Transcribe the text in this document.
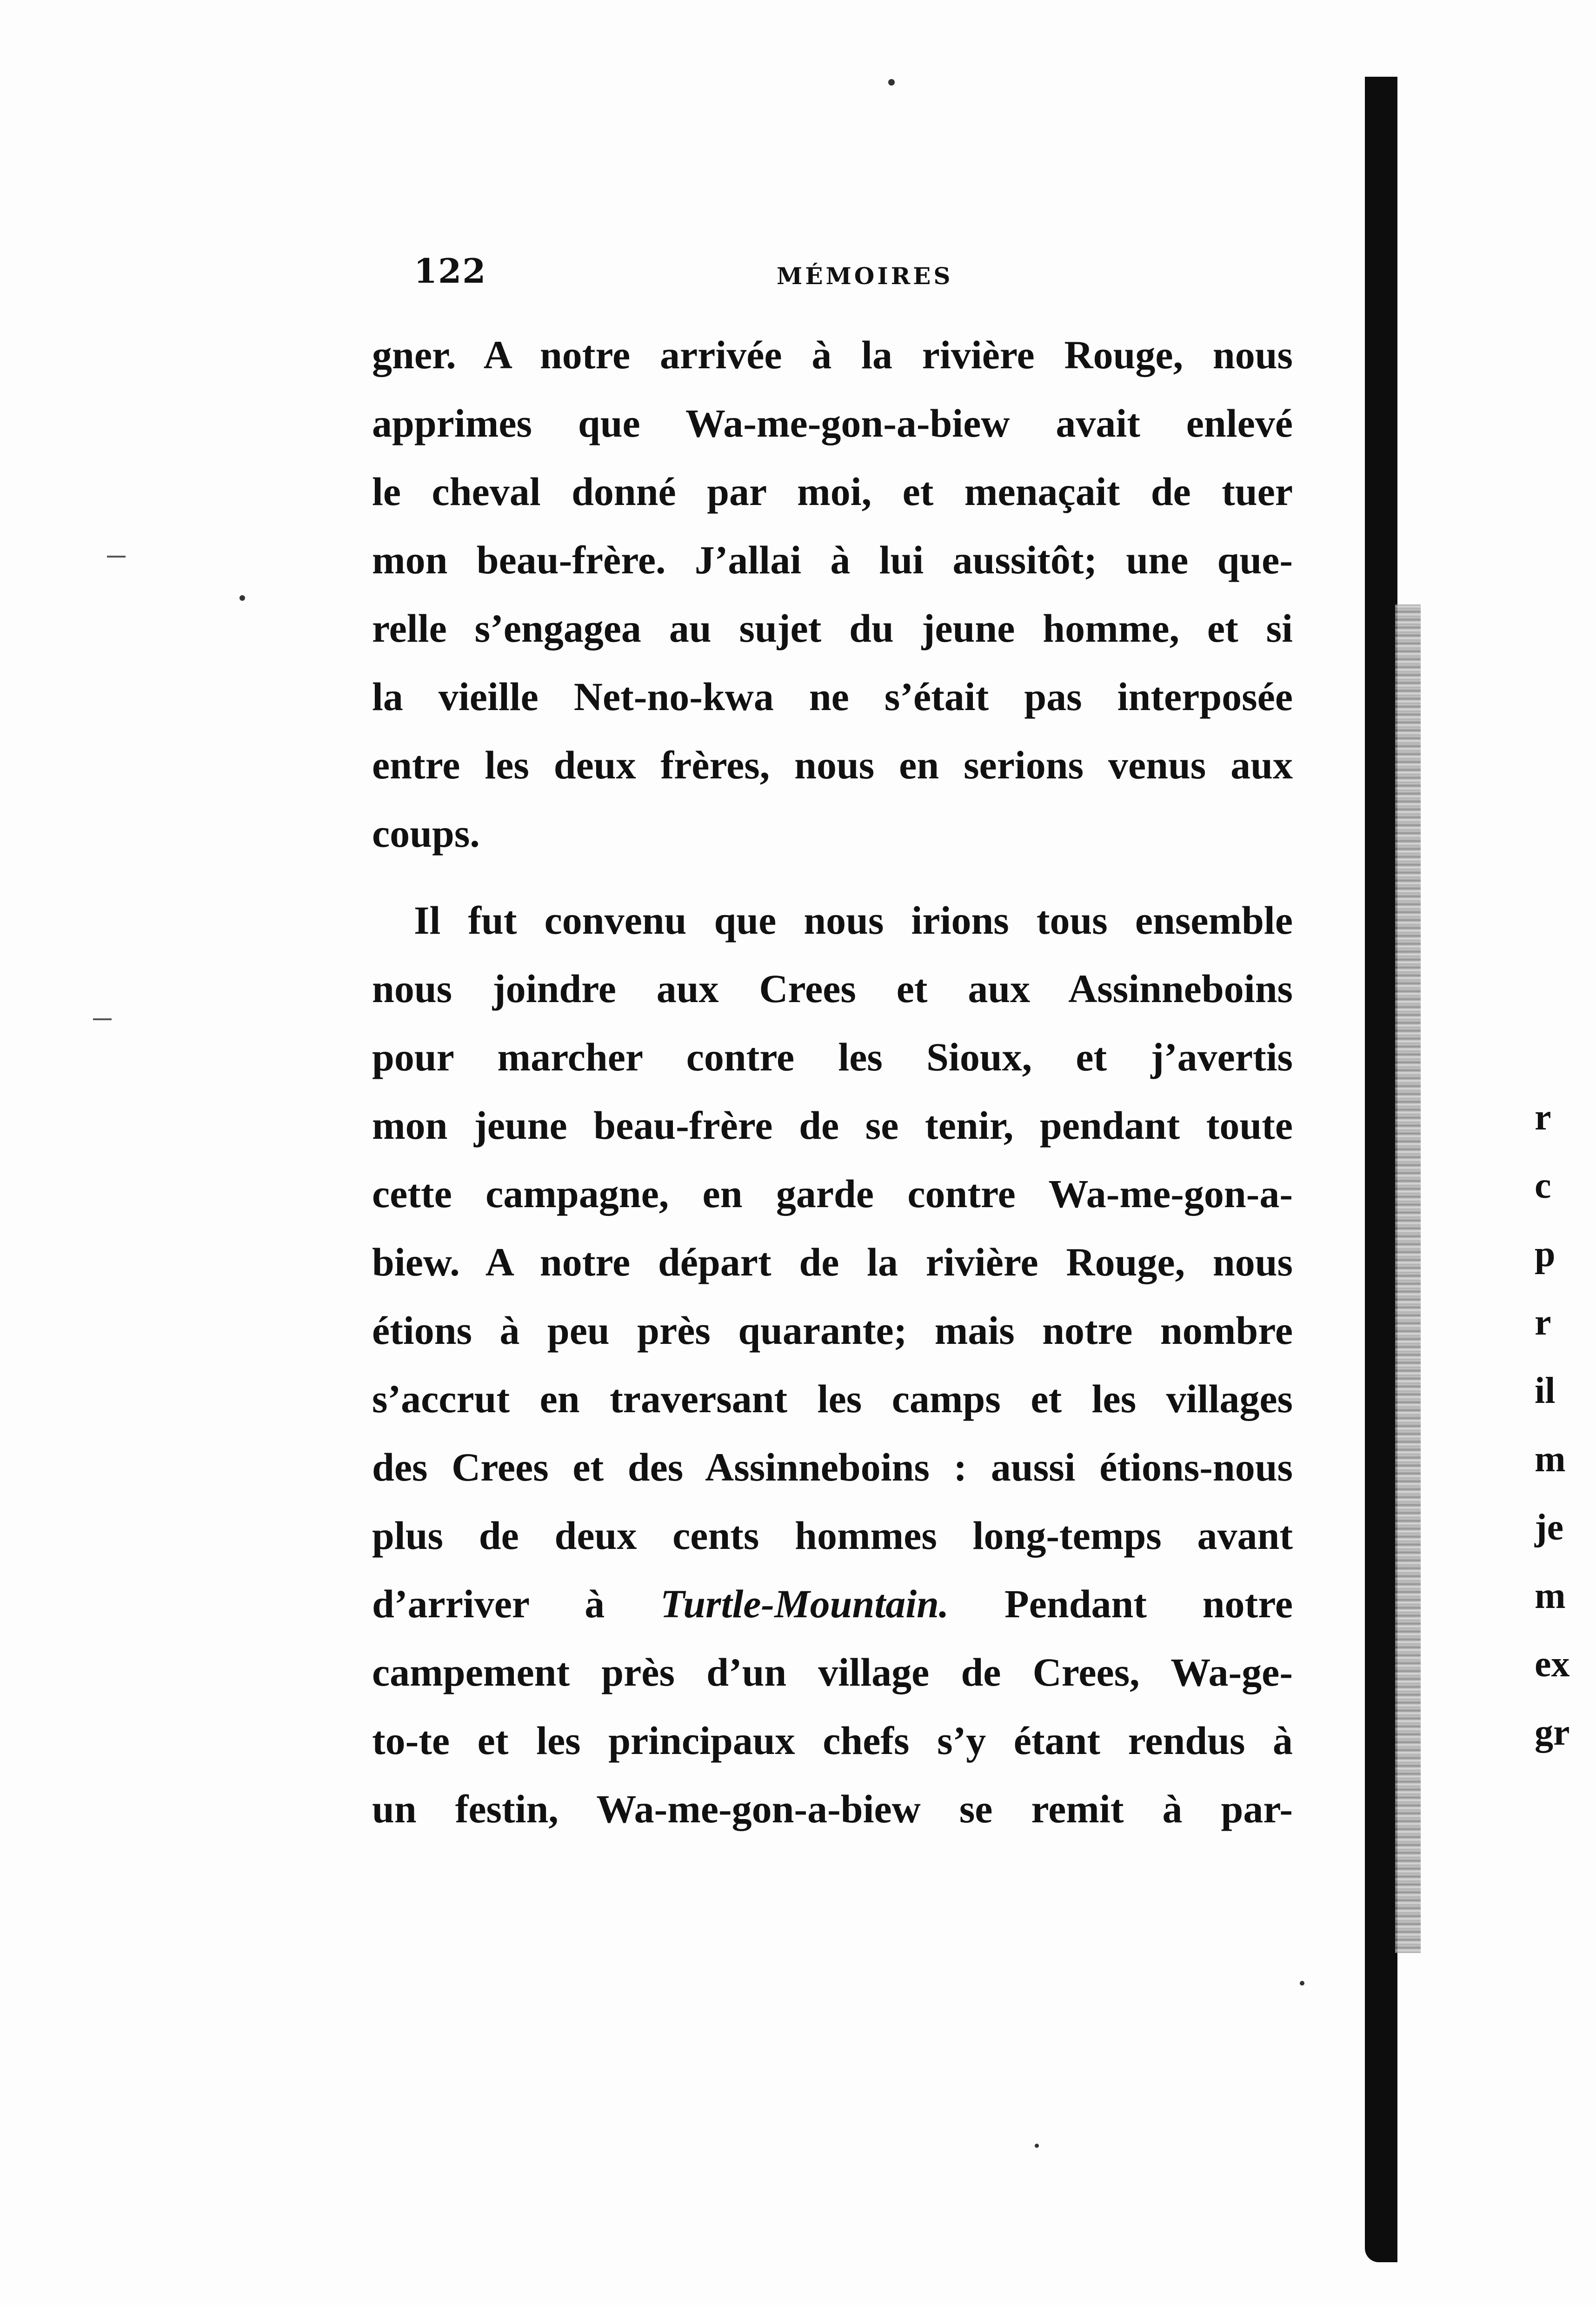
122	MÉMOIRES
gner. A notre arrivée à la rivière Rouge, nous
apprimes que Wa-me-gon-a-biew avait enlevé
le cheval donné par moi, et menaçait de tuer
mon beau-frère. J’allai à lui aussitôt; une que-
relle s’engagea au sujet du jeune homme, et si
la vieille Net-no-kwa ne s’était pas interposée
entre les deux frères, nous en serions venus aux
coups.
Il fut convenu que nous irions tous ensemble
nous joindre aux Crees et aux Assinneboins
pour marcher contre les Sioux, et j’avertis
mon jeune beau-frère de se tenir, pendant toute
cette campagne, en garde contre Wa-me-gon-a-
biew. A notre départ de la rivière Rouge, nous
étions à peu près quarante; mais notre nombre
s’accrut en traversant les camps et les villages
des Crees et des Assinneboins : aussi étions-nous
plus de deux cents hommes long-temps avant
d’arriver à Turtle-Mountain. Pendant notre
campement près d’un village de Crees, Wa-ge-
to-te et les principaux chefs s’y étant rendus à
un festin, Wa-me-gon-a-biew se remit à par-
r
c
p
r
il
m
je
m
ex
gr
